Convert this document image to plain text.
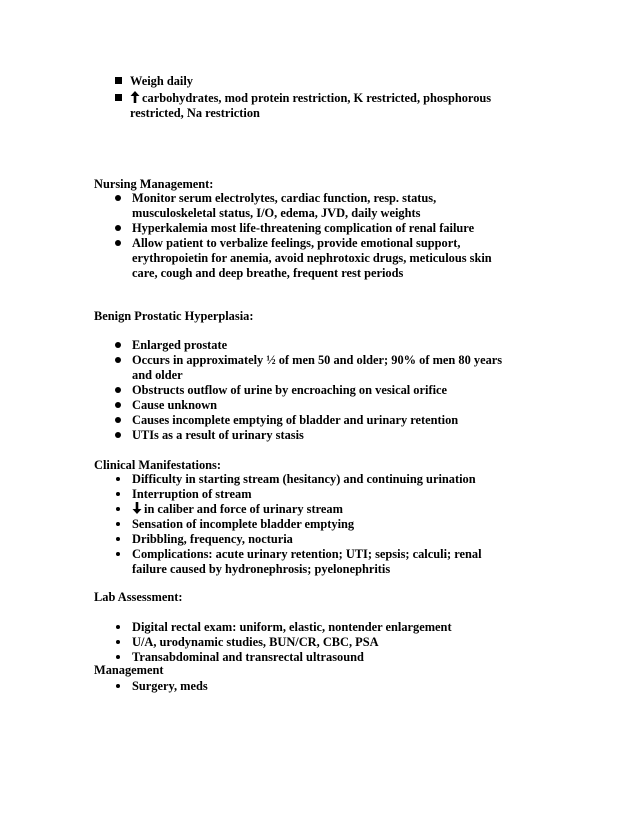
Weigh daily
carbohydrates, mod protein restriction, K restricted, phosphorous
restricted, Na restriction
Nursing Management:
Monitor serum electrolytes, cardiac function, resp. status,
musculoskeletal status, I/O, edema, JVD, daily weights
Hyperkalemia most life-threatening complication of renal failure
Allow patient to verbalize feelings, provide emotional support,
erythropoietin for anemia, avoid nephrotoxic drugs, meticulous skin
care, cough and deep breathe, frequent rest periods
Benign Prostatic Hyperplasia:
Enlarged prostate
Occurs in approximately ½ of men 50 and older; 90% of men 80 years
and older
Obstructs outflow of urine by encroaching on vesical orifice
Cause unknown
Causes incomplete emptying of bladder and urinary retention
UTIs as a result of urinary stasis
Clinical Manifestations:
Difficulty in starting stream (hesitancy) and continuing urination
Interruption of stream
in caliber and force of urinary stream
Sensation of incomplete bladder emptying
Dribbling, frequency, nocturia
Complications: acute urinary retention; UTI; sepsis; calculi; renal
failure caused by hydronephrosis; pyelonephritis
Lab Assessment:
Digital rectal exam: uniform, elastic, nontender enlargement
U/A, urodynamic studies, BUN/CR, CBC, PSA
Transabdominal and transrectal ultrasound
Management
Surgery, meds
